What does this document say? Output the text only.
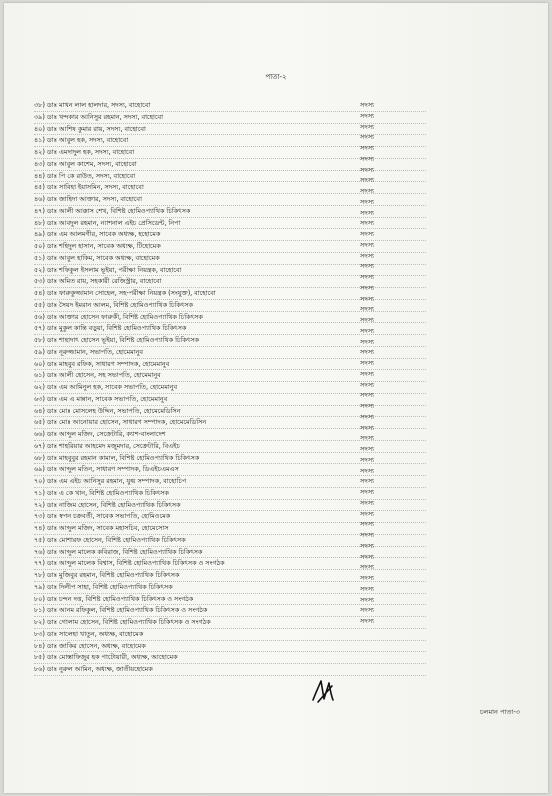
পাতা-২
৩৮) ডাঃ মাখন লাল হালদার, সদস্য, বাহোবো
৩৯) ডাঃ খন্দকার আনিসুর রহমান, সদস্য, বাহোবো
৪০) ডাঃ আশিষ কুমার রায়, সদস্য, বাহোবো
৪১) ডাঃ আবুল হক, সদস্য, বাহোবো
৪২) ডাঃ এমদাদুল হক, সদস্য, বাহোবো
৪৩) ডাঃ আবুল কাশেম, সদস্য, বাহোবো
৪৪) ডাঃ পি কে রাউত, সদস্য, বাহোবো
৪৫) ডাঃ সাবিহা ইয়াসমিন, সদস্য, বাহোবো
৪৬) ডাঃ জাহিদা আক্তার, সদস্য, বাহোবো
৪৭) ডাঃ আলী আক্কাস শেখ, বিশিষ্ট হোমিওপ্যাথিক চিকিৎসক
৪৮) ডাঃ আবদুল রহমান, ন্যাশনাল এইচ প্রেসিডেন্ট, নিপা
৪৯) ডাঃ এম আলমগীর, সাবেক অধ্যক্ষ, হহোমেক
৫০) ডাঃ শহিদুল হাসান, সাবেক অধ্যক্ষ, টিহোমেক
৫১) ডাঃ আবুল হাকিম, সাবেক অধ্যক্ষ, বাহোমেক
৫২) ডাঃ শফিকুল ইসলাম ভূইয়া, পরীক্ষা নিয়ন্ত্রক, বাহোবো
৫৩) ডাঃ অমিত রায়, সহকারী রেজিস্ট্রার, বাহোবো
৫৪) ডাঃ ফারুকুজ্জামান সোহেল, সহ-পরীক্ষা নিয়ন্ত্রক (সংযুক্ত), বাহোবো
৫৫) ডাঃ সৈয়দ ইমরান আলম, বিশিষ্ট হোমিওপ্যাথিক চিকিৎসক
৫৬) ডাঃ আক্তার হোসেন ফারুকী, বিশিষ্ট হোমিওপ্যাথিক চিকিৎসক
৫৭) ডাঃ মুকুল কান্তি বড়ুয়া, বিশিষ্ট হোমিওপ্যাথিক চিকিৎসক
৫৮) ডাঃ শাহাদাৎ হোসেন ভূইয়া, বিশিষ্ট হোমিওপ্যাথিক চিকিৎসক
৫৯) ডাঃ নূরুজ্জামান, সভাপতি, হোমেমানুব
৬০) ডাঃ মাহবুব রফিক, সাধারণ সম্পাদক, হোমেমানুব
৬১) ডাঃ আলী হোসেন, সহ সভাপতি, হোমেমানুব
৬২) ডাঃ এম আমিনুল হক, সাবেক সভাপতি, হোমেমানুব
৬৩) ডাঃ এম এ মান্নান, সাবেক সভাপতি, হোমেমানুব
৬৪) ডাঃ মোঃ মোসলেহ উদ্দিন, সভাপতি, হোমেমেডিসিন
৬৫) ডাঃ মোঃ আনোয়ার হোসেন, সাধারণ সম্পাদক, হোমেমেডিসিন
৬৬) ডাঃ আব্দুল মজিদ, সেক্রেটারি, ক্যাশ-বাংলাদেশ
৬৭) ডাঃ শাহরিয়ার আহমেদ মজুমদার, সেক্রেটারি, বিএইচ
৬৮) ডাঃ মাহবুবুর রহমান কামাল, বিশিষ্ট হোমিওপ্যাথিক চিকিৎসক
৬৯) ডাঃ আব্দুল মতিন, সাধারণ সম্পাদক, ডিএইচএমএস
৭০) ডাঃ এম এইচ আনিসুর রহমান, যুগ্ম সম্পাদক, বাহোচিপ
৭১) ডাঃ এ কে খান, বিশিষ্ট হোমিওপ্যাথিক চিকিৎসক
৭২) ডাঃ নাজিম হোসেন, বিশিষ্ট হোমিওপ্যাথিক চিকিৎসক
৭৩) ডাঃ স্বপন চক্রবর্তী, সাবেক সভাপতি, হোমিওমেক
৭৪) ডাঃ আব্দুল মজিদ, সাবেক মহাসচিব, হোমেসোস
৭৫) ডাঃ মোশারফ হোসেন, বিশিষ্ট হোমিওপ্যাথিক চিকিৎসক
৭৬) ডাঃ আব্দুল মালেক কবিরাজ, বিশিষ্ট হোমিওপ্যাথিক চিকিৎসক
৭৭) ডাঃ আব্দুল মালেক বিশ্বাস, বিশিষ্ট হোমিওপ্যাথিক চিকিৎসক ও সংগঠক
৭৮) ডাঃ মুজিবুর রহমান, বিশিষ্ট হোমিওপ্যাথিক চিকিৎসক
৭৯) ডাঃ দিলীপ সাহা, বিশিষ্ট হোমিওপ্যাথিক চিকিৎসক
৮০) ডাঃ চন্দন দত্ত, বিশিষ্ট হোমিওপ্যাথিক চিকিৎসক ও সংগঠক
৮১) ডাঃ আনম রফিকুল, বিশিষ্ট হোমিওপ্যাথিক চিকিৎসক ও সংগঠক
৮২) ডাঃ গোলাম হোসেন, বিশিষ্ট হোমিওপ্যাথিক চিকিৎসক ও সংগঠক
৮৩) ডাঃ সালেহা খাতুন, অধ্যক্ষ, বাহোমেক
৮৪) ডাঃ জাকির হোসেন, অধ্যক্ষ, বাহোমেক
৮৫) ডাঃ মোস্তাফিজুর হক পাটোয়ারী, অধ্যক্ষ, আহোমেক
৮৬) ডাঃ নুরুল আমিন, অধ্যক্ষ, জাতীয়হোমেক
সদস্য
সদস্য
সদস্য
সদস্য
সদস্য
সদস্য
সদস্য
সদস্য
সদস্য
সদস্য
সদস্য
সদস্য
সদস্য
সদস্য
সদস্য
সদস্য
সদস্য
সদস্য
সদস্য
সদস্য
সদস্য
সদস্য
সদস্য
সদস্য
সদস্য
সদস্য
সদস্য
সদস্য
সদস্য
সদস্য
সদস্য
সদস্য
সদস্য
সদস্য
সদস্য
সদস্য
সদস্য
সদস্য
সদস্য
সদস্য
সদস্য
সদস্য
সদস্য
সদস্য
সদস্য
সদস্য
সদস্য
সদস্য
সদস্য
চলমান পাতা-৩
